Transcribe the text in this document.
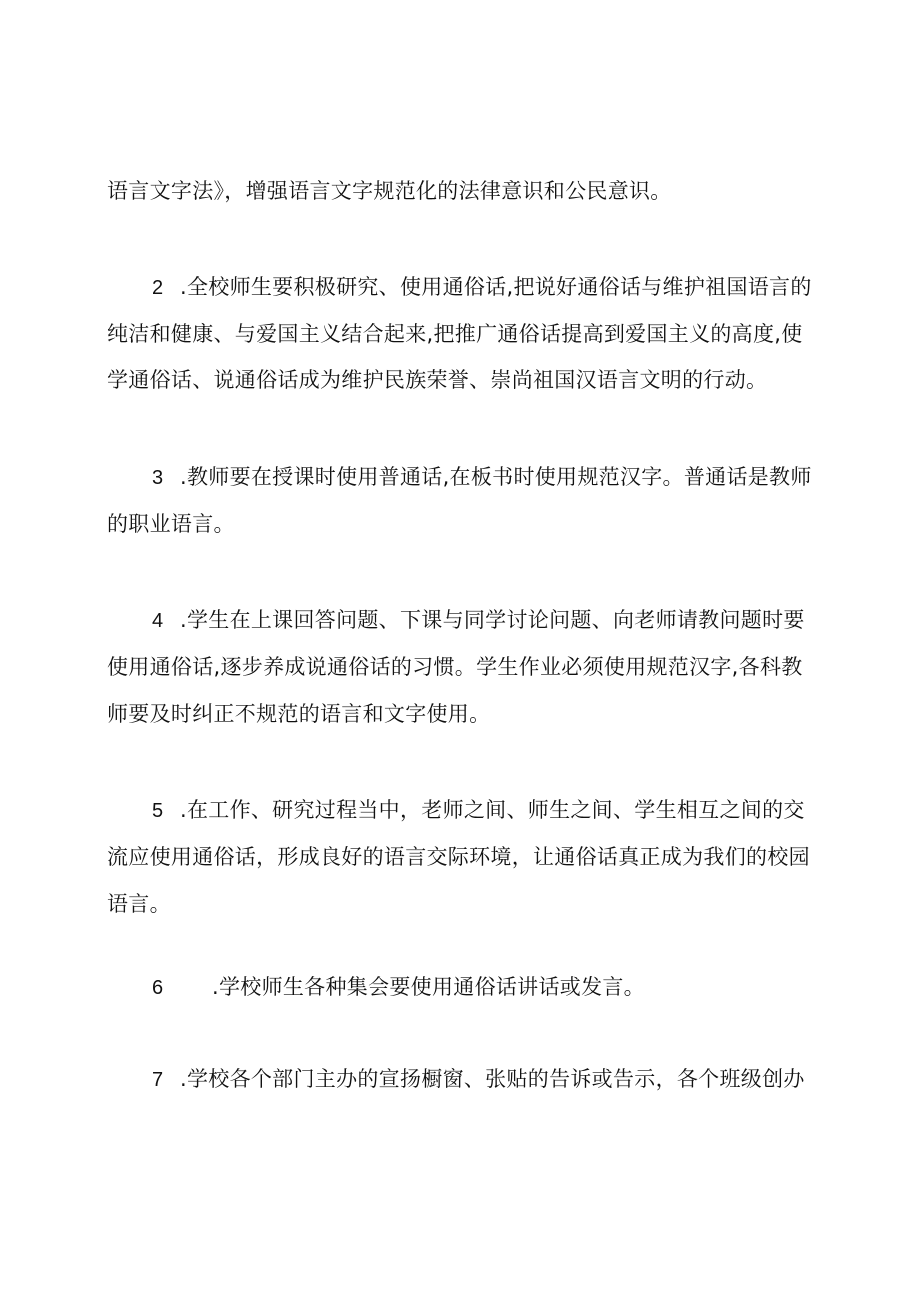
语言文字法》，增强语言文字规范化的法律意识和公民意识。
2 .全校师生要积极研究、使用通俗话,把说好通俗话与维护祖国语言的
纯洁和健康、与爱国主义结合起来,把推广通俗话提高到爱国主义的高度,使
学通俗话、说通俗话成为维护民族荣誉、崇尚祖国汉语言文明的行动。
3 .教师要在授课时使用普通话,在板书时使用规范汉字。普通话是教师
的职业语言。
4 .学生在上课回答问题、下课与同学讨论问题、向老师请教问题时要
使用通俗话,逐步养成说通俗话的习惯。学生作业必须使用规范汉字,各科教
师要及时纠正不规范的语言和文字使用。
5 .在工作、研究过程当中，老师之间、师生之间、学生相互之间的交
流应使用通俗话，形成良好的语言交际环境，让通俗话真正成为我们的校园
语言。
6 .学校师生各种集会要使用通俗话讲话或发言。
7 .学校各个部门主办的宣扬橱窗、张贴的告诉或告示，各个班级创办
